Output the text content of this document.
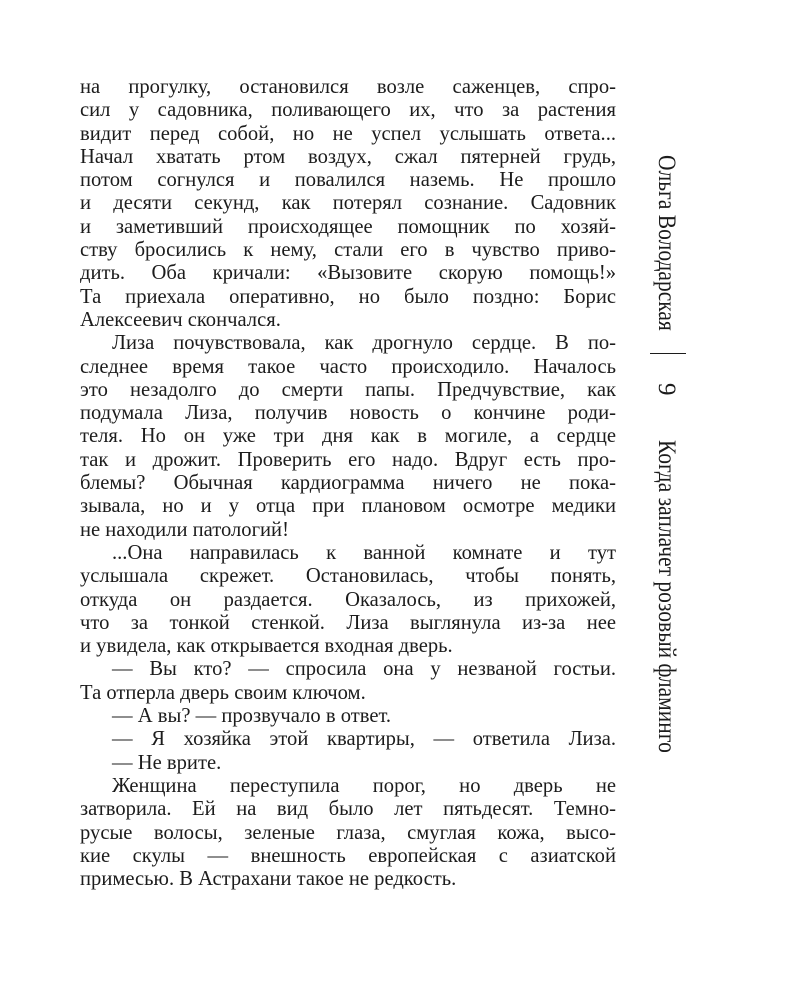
на прогулку, остановился возле саженцев, спро-
сил у садовника, поливающего их, что за растения
видит перед собой, но не успел услышать ответа...
Начал хватать ртом воздух, сжал пятерней грудь,
потом согнулся и повалился наземь. Не прошло
и десяти секунд, как потерял сознание. Садовник
и заметивший происходящее помощник по хозяй-
ству бросились к нему, стали его в чувство приво-
дить. Оба кричали: «Вызовите скорую помощь!»
Та приехала оперативно, но было поздно: Борис
Алексеевич скончался.
Лиза почувствовала, как дрогнуло сердце. В по-
следнее время такое часто происходило. Началось
это незадолго до смерти папы. Предчувствие, как
подумала Лиза, получив новость о кончине роди-
теля. Но он уже три дня как в могиле, а сердце
так и дрожит. Проверить его надо. Вдруг есть про-
блемы? Обычная кардиограмма ничего не пока-
зывала, но и у отца при плановом осмотре медики
не находили патологий!
...Она направилась к ванной комнате и тут
услышала скрежет. Остановилась, чтобы понять,
откуда он раздается. Оказалось, из прихожей,
что за тонкой стенкой. Лиза выглянула из-за нее
и увидела, как открывается входная дверь.
— Вы кто? — спросила она у незваной гостьи.
Та отперла дверь своим ключом.
— А вы? — прозвучало в ответ.
— Я хозяйка этой квартиры, — ответила Лиза.
— Не врите.
Женщина переступила порог, но дверь не
затворила. Ей на вид было лет пятьдесят. Темно-
русые волосы, зеленые глаза, смуглая кожа, высо-
кие скулы — внешность европейская с азиатской
примесью. В Астрахани такое не редкость.
Ольга Володарская
9
Когда заплачет розовый фламинго
